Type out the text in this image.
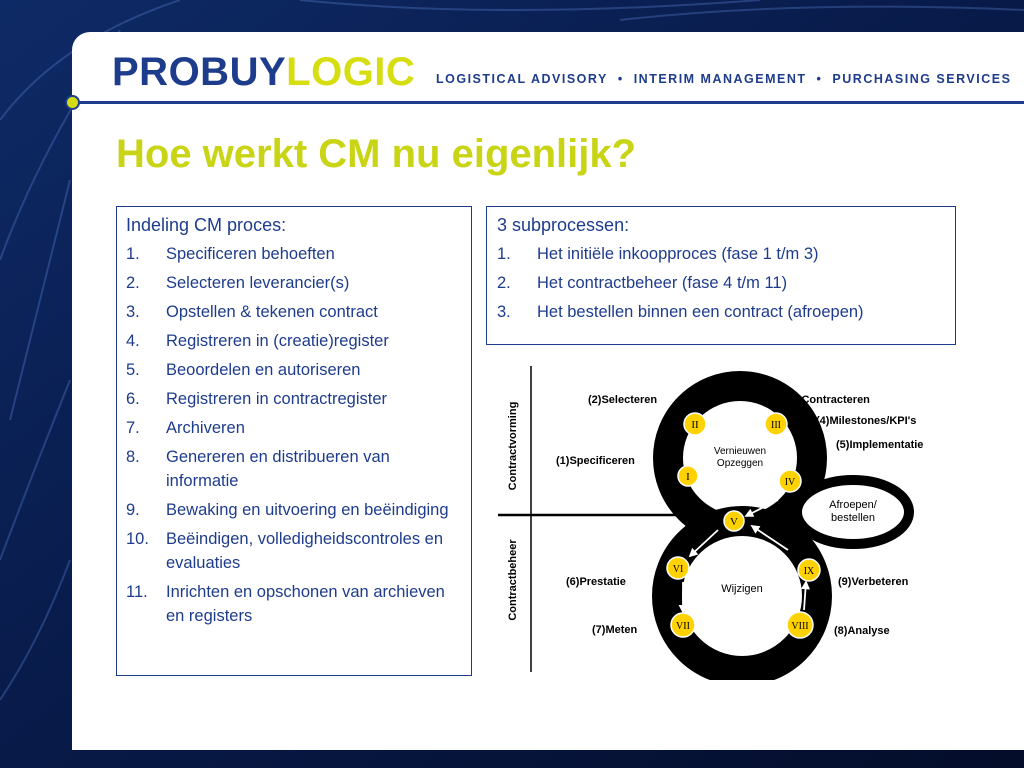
PROBUYLOGIC LOGISTICAL ADVISORY • INTERIM MANAGEMENT • PURCHASING SERVICES
Hoe werkt CM nu eigenlijk?
Indeling CM proces:
1. Specificeren behoeften
2. Selecteren leverancier(s)
3. Opstellen & tekenen contract
4. Registreren in (creatie)register
5. Beoordelen en autoriseren
6. Registreren in contractregister
7. Archiveren
8. Genereren en distribueren van informatie
9. Bewaking en uitvoering en beëindiging
10. Beëindigen, volledigheidscontroles en evaluaties
11. Inrichten en opschonen van archieven en registers
3 subprocessen:
1. Het initiële inkoopproces (fase 1 t/m 3)
2. Het contractbeheer (fase 4 t/m 11)
3. Het bestellen binnen een contract (afroepen)
Contractvorming
Contractbeheer
Afroepen/
bestellen
Vernieuwen
Opzeggen
Wijzigen
I
II	III
IV
V
VI
VII	VIII
IX
(2)Selecteren	(3)Contracteren
(4)Milestones/KPI's
(5)Implementatie
(1)Specificeren
(6)Prestatie	(9)Verbeteren
(7)Meten	(8)Analyse
